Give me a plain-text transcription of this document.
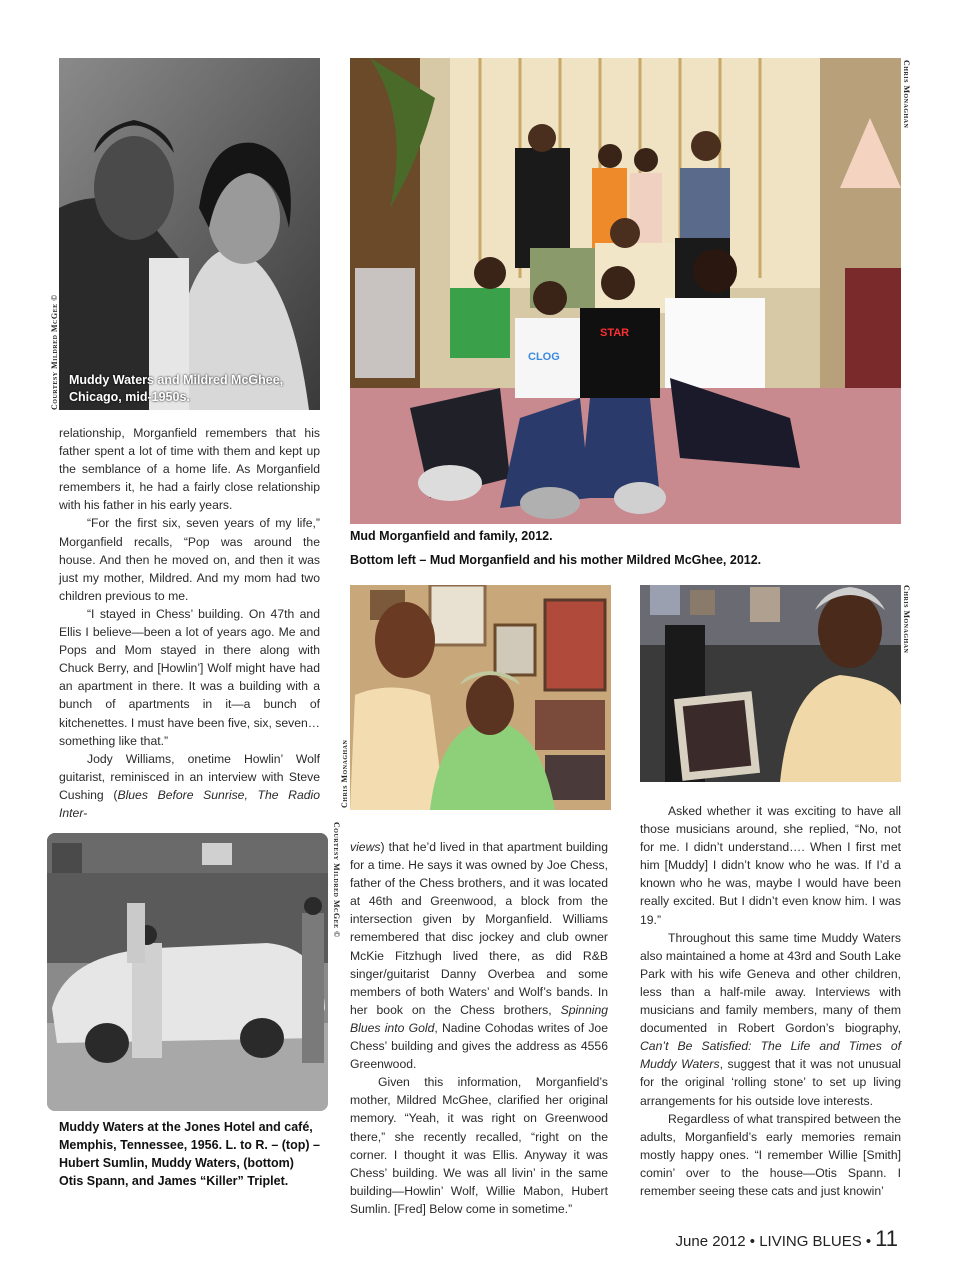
Muddy Waters and Mildred McGhee,
Chicago, mid-1950s.
Courtesy Mildred McGee ©	CLOG
STAR
Chris Monaghan
Mud Morganfield and family, 2012.
Bottom left – Mud Morganfield and his mother Mildred McGhee, 2012.
Chris Monaghan
Chris Monaghan
Courtesy Mildred McGee ©
Muddy Waters at the Jones Hotel and café, Memphis, Tennessee, 1956. L. to R. – (top) – Hubert Sumlin, Muddy Waters, (bottom) Otis Spann, and James “Killer” Triplet.

relationship, Morganfield remembers that his father spent a lot of time with them and kept up the semblance of a home life. As Morganfield remembers it, he had a fairly close relationship with his father in his early years.

“For the first six, seven years of my life,” Morganfield recalls, “Pop was around the house. And then he moved on, and then it was just my mother, Mildred. And my mom had two children previous to me.

“I stayed in Chess’ building. On 47th and Ellis I believe—been a lot of years ago. Me and Pops and Mom stayed in there along with Chuck Berry, and [Howlin’] Wolf might have had an apartment in there. It was a building with a bunch of apartments in it—a bunch of kitchenettes. I must have been five, six, seven…something like that.”

Jody Williams, onetime Howlin’ Wolf guitarist, reminisced in an interview with Steve Cushing (Blues Before Sunrise, The Radio Inter-

views) that he’d lived in that apartment building for a time. He says it was owned by Joe Chess, father of the Chess brothers, and it was located at 46th and Greenwood, a block from the intersection given by Morganfield. Williams remembered that disc jockey and club owner McKie Fitzhugh lived there, as did R&B singer/guitarist Danny Overbea and some members of both Waters’ and Wolf’s bands. In her book on the Chess brothers, Spinning Blues into Gold, Nadine Cohodas writes of Joe Chess’ building and gives the address as 4556 Greenwood.

Given this information, Morganfield’s mother, Mildred McGhee, clarified her original memory. “Yeah, it was right on Greenwood there,” she recently recalled, “right on the corner. I thought it was Ellis. Anyway it was Chess’ building. We was all livin’ in the same building—Howlin’ Wolf, Willie Mabon, Hubert Sumlin. [Fred] Below come in sometime.”

Asked whether it was exciting to have all those musicians around, she replied, “No, not for me. I didn’t understand…. When I first met him [Muddy] I didn’t know who he was. If I’d a known who he was, maybe I would have been really excited. But I didn’t even know him. I was 19.”

Throughout this same time Muddy Waters also maintained a home at 43rd and South Lake Park with his wife Geneva and other children, less than a half-mile away. Interviews with musicians and family members, many of them documented in Robert Gordon’s biography, Can’t Be Satisfied: The Life and Times of Muddy Waters, suggest that it was not unusual for the original ‘rolling stone’ to set up living arrangements for his outside love interests.

Regardless of what transpired between the adults, Morganfield’s early memories remain mostly happy ones. “I remember Willie [Smith] comin’ over to the house—Otis Spann. I remember seeing these cats and just knowin’

June 2012 • LIVING BLUES • 11
